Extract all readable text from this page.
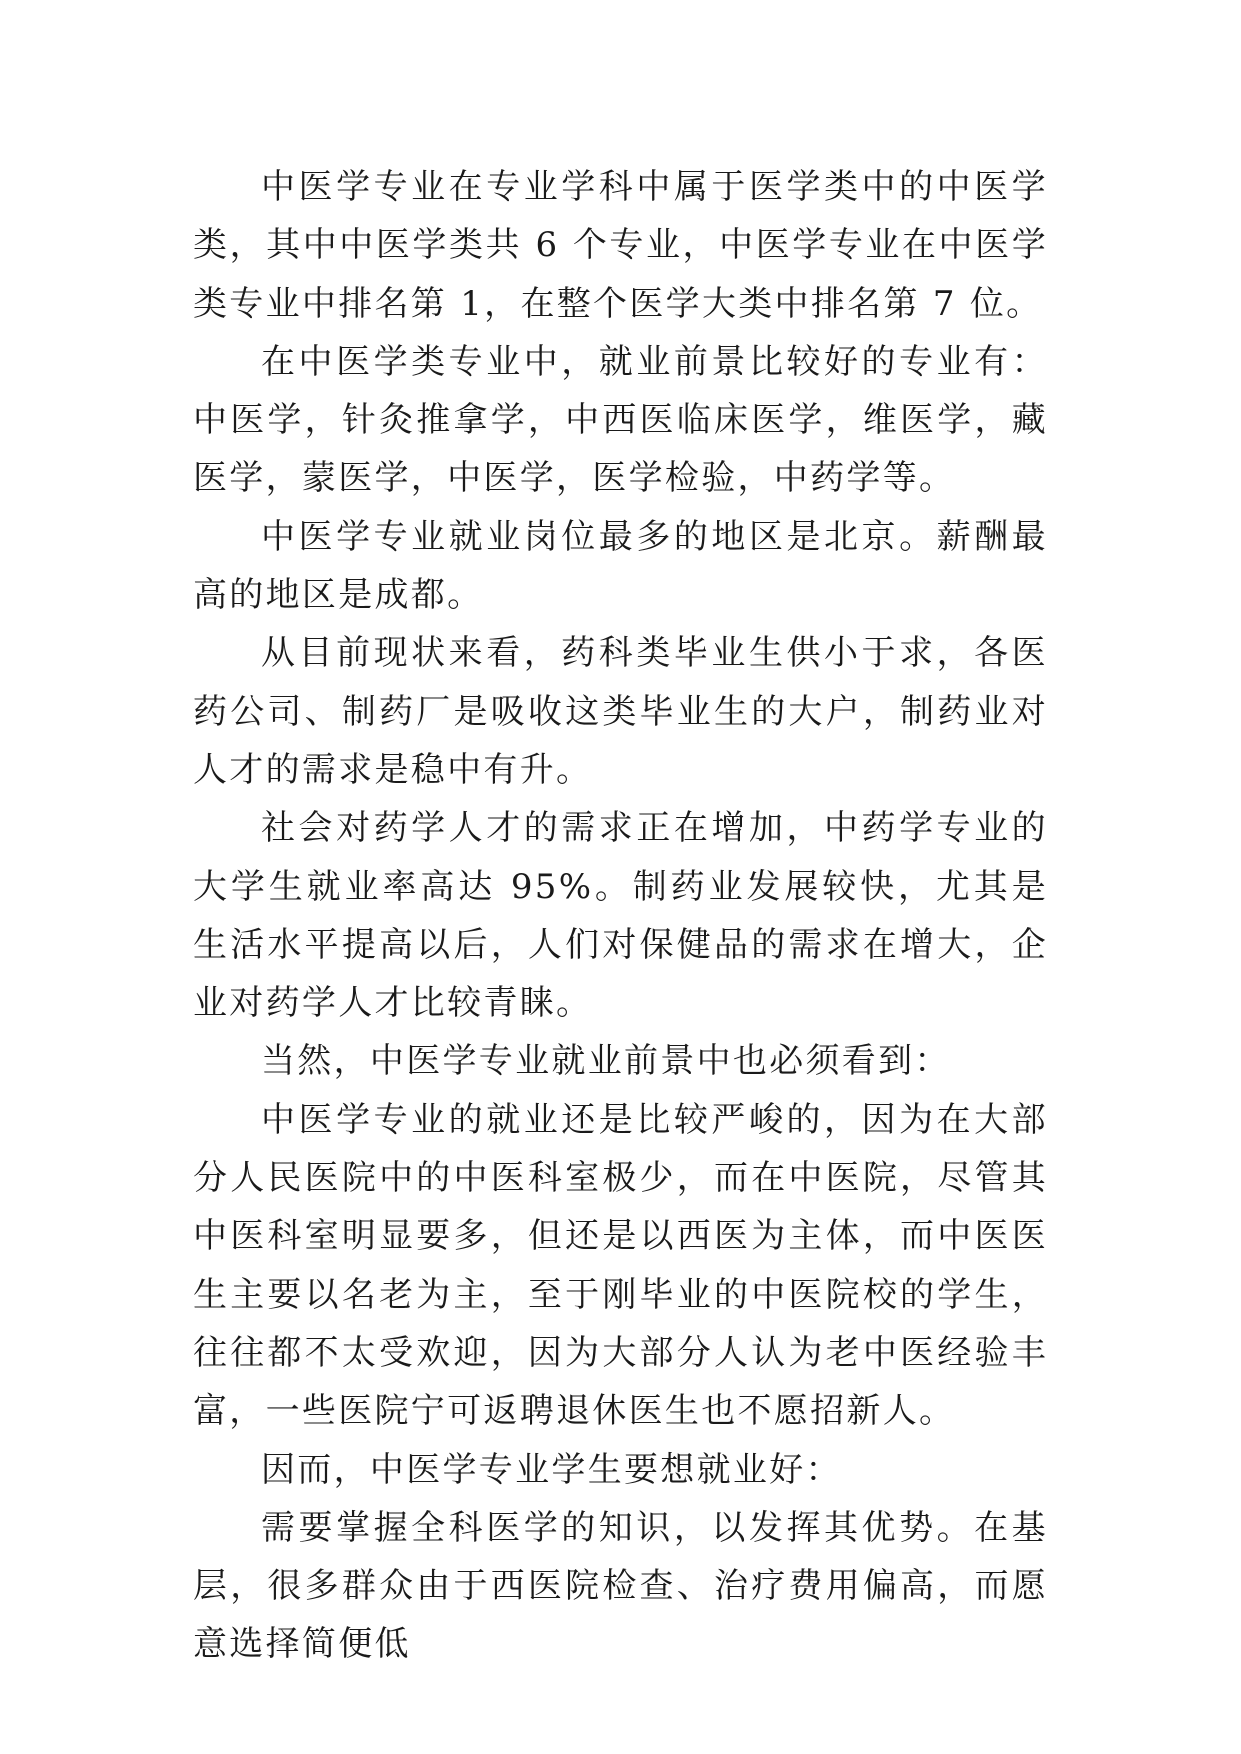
中医学专业在专业学科中属于医学类中的中医学类，其中中医学类共 6 个专业，中医学专业在中医学类专业中排名第 1，在整个医学大类中排名第 7 位。

在中医学类专业中，就业前景比较好的专业有：中医学，针灸推拿学，中西医临床医学，维医学，藏医学，蒙医学，中医学，医学检验，中药学等。

中医学专业就业岗位最多的地区是北京。薪酬最高的地区是成都。

从目前现状来看，药科类毕业生供小于求，各医药公司、制药厂是吸收这类毕业生的大户，制药业对人才的需求是稳中有升。

社会对药学人才的需求正在增加，中药学专业的大学生就业率高达 95%。制药业发展较快，尤其是生活水平提高以后，人们对保健品的需求在增大，企业对药学人才比较青睐。

当然，中医学专业就业前景中也必须看到：

中医学专业的就业还是比较严峻的，因为在大部分人民医院中的中医科室极少，而在中医院，尽管其中医科室明显要多，但还是以西医为主体，而中医医生主要以名老为主，至于刚毕业的中医院校的学生，往往都不太受欢迎，因为大部分人认为老中医经验丰富，一些医院宁可返聘退休医生也不愿招新人。

因而，中医学专业学生要想就业好：

需要掌握全科医学的知识，以发挥其优势。在基层，很多群众由于西医院检查、治疗费用偏高，而愿意选择简便低
